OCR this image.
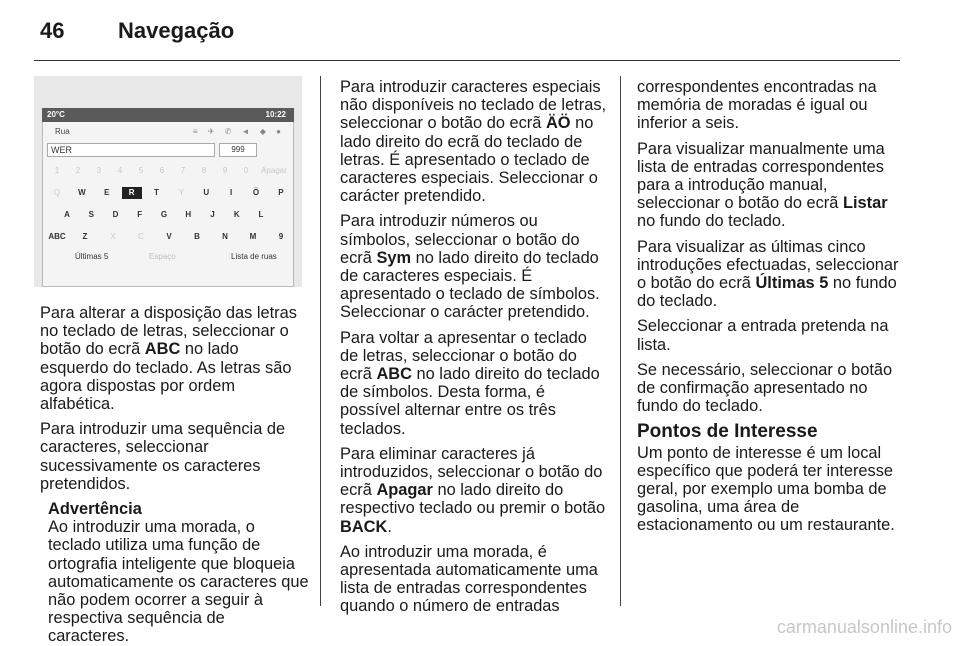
46 Navegação
Rua	≡ ✈ ✆ ◄ ◆ ●
WER	999
1	2	3	4	5	6	7	8	9	0	Apagar
Q	W	E	R	T	Y	U	I	Ö	P
A	S	D	F	G	H	J	K	L
ABC	Z	X	C	V	B	N	M	9
Últimas 5	Espaço	Lista de ruas
20°C	10:22

Para alterar a disposição das letras no teclado de letras, seleccionar o botão do ecrã ABC no lado esquerdo do teclado. As letras são agora dispostas por ordem alfabética.

Para introduzir uma sequência de caracteres, seleccionar sucessivamente os caracteres pretendidos.

Advertência
Ao introduzir uma morada, o teclado utiliza uma função de ortografia inteligente que bloqueia automaticamente os caracteres que não podem ocorrer a seguir à respectiva sequência de caracteres.

Para introduzir caracteres especiais não disponíveis no teclado de letras, seleccionar o botão do ecrã ÄÖ no lado direito do ecrã do teclado de letras. É apresentado o teclado de caracteres especiais. Seleccionar o carácter pretendido.

Para introduzir números ou símbolos, seleccionar o botão do ecrã Sym no lado direito do teclado de caracteres especiais. É apresentado o teclado de símbolos. Seleccionar o carácter pretendido.

Para voltar a apresentar o teclado de letras, seleccionar o botão do ecrã ABC no lado direito do teclado de símbolos. Desta forma, é possível alternar entre os três teclados.

Para eliminar caracteres já introduzidos, seleccionar o botão do ecrã Apagar no lado direito do respectivo teclado ou premir o botão BACK.

Ao introduzir uma morada, é apresentada automaticamente uma lista de entradas correspondentes quando o número de entradas

correspondentes encontradas na memória de moradas é igual ou inferior a seis.

Para visualizar manualmente uma lista de entradas correspondentes para a introdução manual, seleccionar o botão do ecrã Listar no fundo do teclado.

Para visualizar as últimas cinco introduções efectuadas, seleccionar o botão do ecrã Últimas 5 no fundo do teclado.

Seleccionar a entrada pretenda na lista.

Se necessário, seleccionar o botão de confirmação apresentado no fundo do teclado.

Pontos de Interesse

Um ponto de interesse é um local específico que poderá ter interesse geral, por exemplo uma bomba de gasolina, uma área de estacionamento ou um restaurante.

carmanualsonline.info
